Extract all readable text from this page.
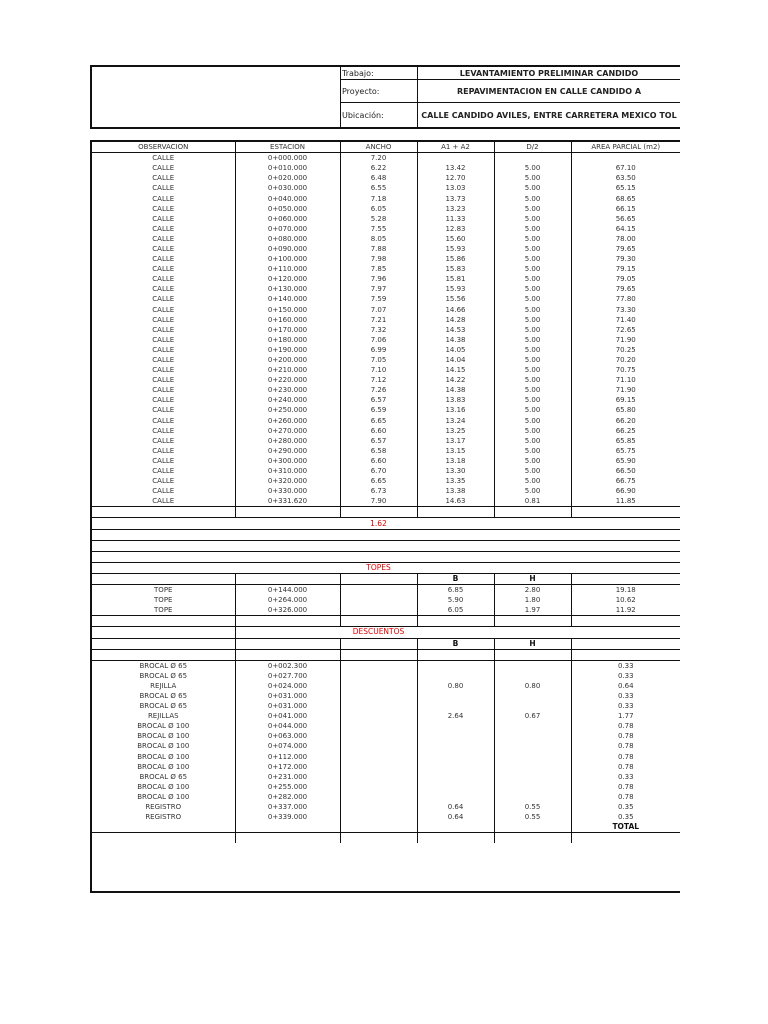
Trabajo:	LEVANTAMIENTO PRELIMINAR CANDIDO
Proyecto:	REPAVIMENTACION EN CALLE CANDIDO A
Ubicación:	CALLE CANDIDO AVILES, ENTRE CARRETERA MEXICO TOL
OBSERVACION	ESTACION	ANCHO	A1 + A2	D/2	AREA PARCIAL (m2)
CALLE	0+000.000	7.20			
CALLE	0+010.000	6.22	13.42	5.00	67.10
CALLE	0+020.000	6.48	12.70	5.00	63.50
CALLE	0+030.000	6.55	13.03	5.00	65.15
CALLE	0+040.000	7.18	13.73	5.00	68.65
CALLE	0+050.000	6.05	13.23	5.00	66.15
CALLE	0+060.000	5.28	11.33	5.00	56.65
CALLE	0+070.000	7.55	12.83	5.00	64.15
CALLE	0+080.000	8.05	15.60	5.00	78.00
CALLE	0+090.000	7.88	15.93	5.00	79.65
CALLE	0+100.000	7.98	15.86	5.00	79.30
CALLE	0+110.000	7.85	15.83	5.00	79.15
CALLE	0+120.000	7.96	15.81	5.00	79.05
CALLE	0+130.000	7.97	15.93	5.00	79.65
CALLE	0+140.000	7.59	15.56	5.00	77.80
CALLE	0+150.000	7.07	14.66	5.00	73.30
CALLE	0+160.000	7.21	14.28	5.00	71.40
CALLE	0+170.000	7.32	14.53	5.00	72.65
CALLE	0+180.000	7.06	14.38	5.00	71.90
CALLE	0+190.000	6.99	14.05	5.00	70.25
CALLE	0+200.000	7.05	14.04	5.00	70.20
CALLE	0+210.000	7.10	14.15	5.00	70.75
CALLE	0+220.000	7.12	14.22	5.00	71.10
CALLE	0+230.000	7.26	14.38	5.00	71.90
CALLE	0+240.000	6.57	13.83	5.00	69.15
CALLE	0+250.000	6.59	13.16	5.00	65.80
CALLE	0+260.000	6.65	13.24	5.00	66.20
CALLE	0+270.000	6.60	13.25	5.00	66.25
CALLE	0+280.000	6.57	13.17	5.00	65.85
CALLE	0+290.000	6.58	13.15	5.00	65.75
CALLE	0+300.000	6.60	13.18	5.00	65.90
CALLE	0+310.000	6.70	13.30	5.00	66.50
CALLE	0+320.000	6.65	13.35	5.00	66.75
CALLE	0+330.000	6.73	13.38	5.00	66.90
CALLE	0+331.620	7.90	14.63	0.81	11.85

		1.62			

		TOPES			
			B	H	
TOPE	0+144.000		6.85	2.80	19.18
TOPE	0+264.000		5.90	1.80	10.62
TOPE	0+326.000		6.05	1.97	11.92

		DESCUENTOS			
			B	H	

BROCAL Ø 65	0+002.300				0.33
BROCAL Ø 65	0+027.700				0.33
REJILLA	0+024.000		0.80	0.80	0.64
BROCAL Ø 65	0+031.000				0.33
BROCAL Ø 65	0+031.000				0.33
REJILLAS	0+041.000		2.64	0.67	1.77
BROCAL Ø 100	0+044.000				0.78
BROCAL Ø 100	0+063.000				0.78
BROCAL Ø 100	0+074.000				0.78
BROCAL Ø 100	0+112.000				0.78
BROCAL Ø 100	0+172.000				0.78
BROCAL Ø 65	0+231.000				0.33
BROCAL Ø 100	0+255.000				0.78
BROCAL Ø 100	0+282.000				0.78
REGISTRO	0+337.000		0.64	0.55	0.35
REGISTRO	0+339.000		0.64	0.55	0.35
					TOTAL
